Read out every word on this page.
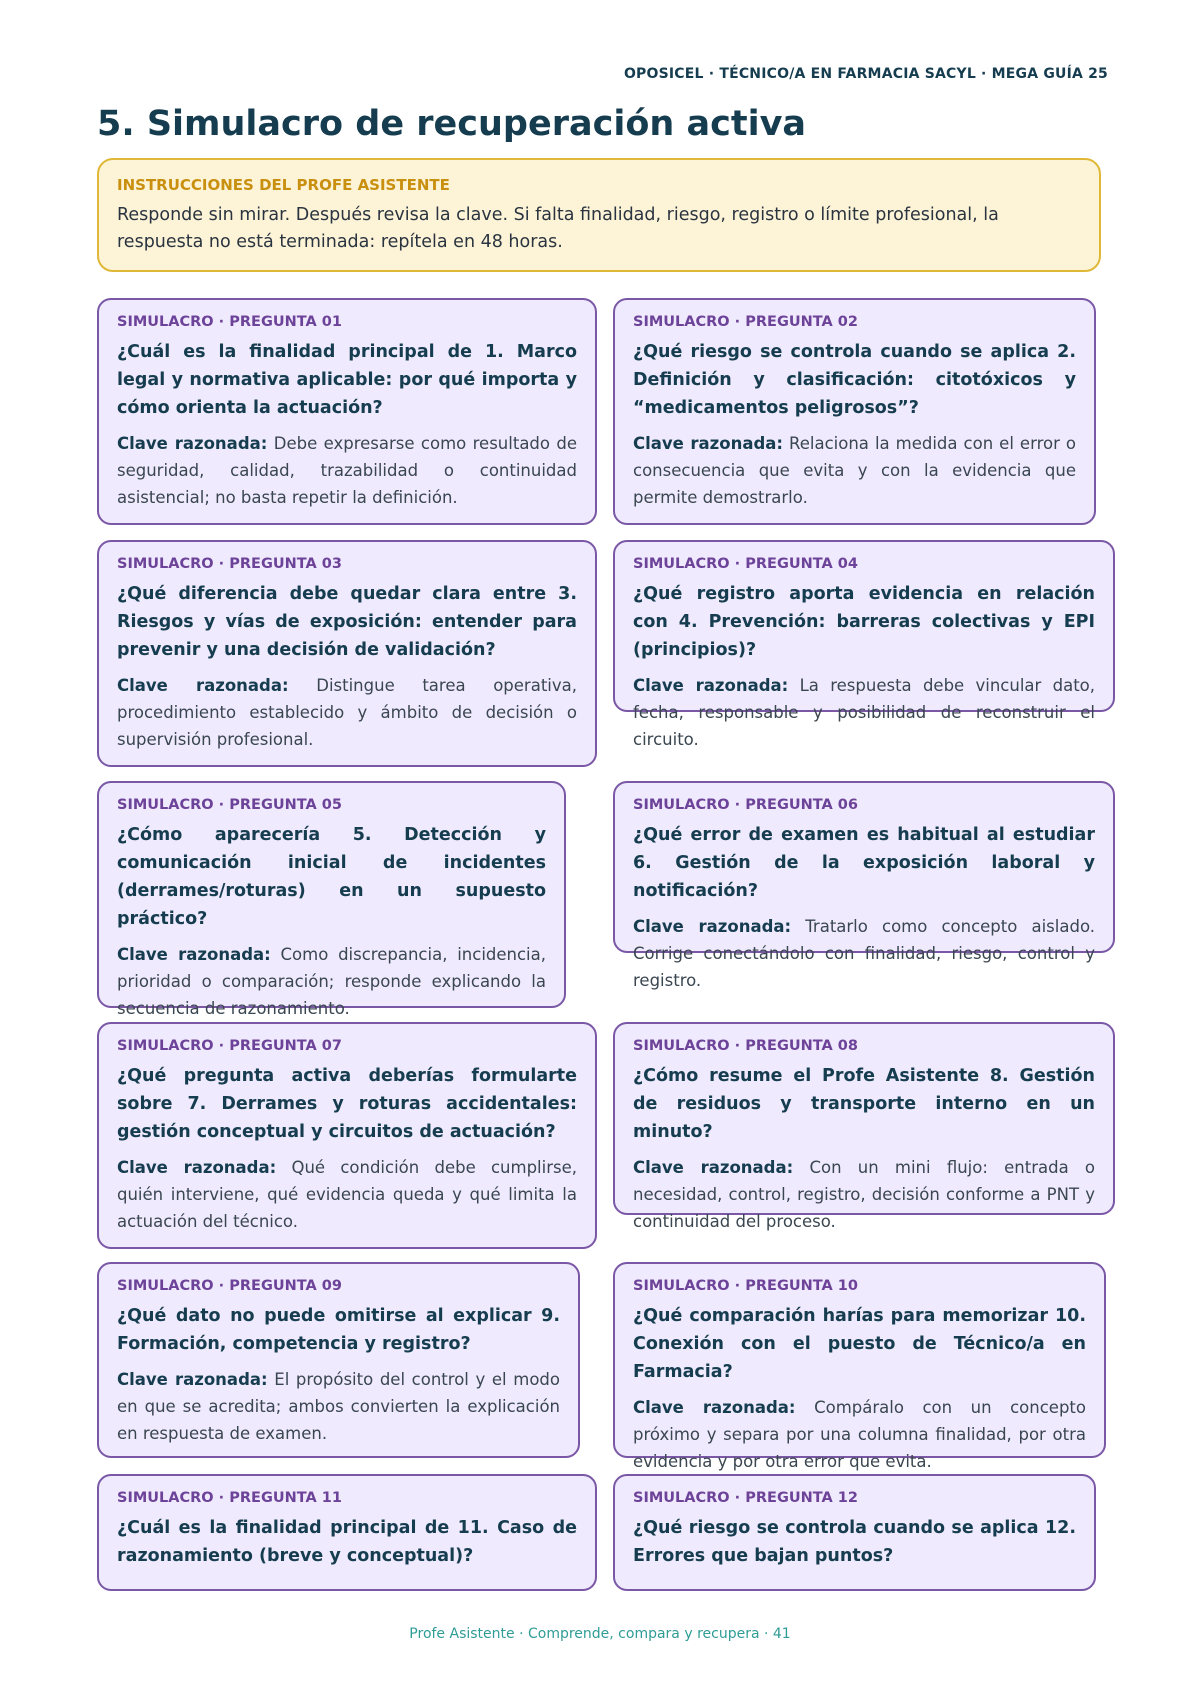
OPOSICEL · TÉCNICO/A EN FARMACIA SACYL · MEGA GUÍA 25
5. Simulacro de recuperación activa

INSTRUCCIONES DEL PROFE ASISTENTE

Responde sin mirar. Después revisa la clave. Si falta finalidad, riesgo, registro o límite profesional, la respuesta no está terminada: repítela en 48 horas.

SIMULACRO · PREGUNTA 01

¿Cuál es la finalidad principal de 1. Marco legal y normativa aplicable: por qué importa y cómo orienta la actuación?

Clave razonada: Debe expresarse como resultado de seguridad, calidad, trazabilidad o continuidad asistencial; no basta repetir la definición.

SIMULACRO · PREGUNTA 02

¿Qué riesgo se controla cuando se aplica 2. Definición y clasificación: citotóxicos y “medicamentos peligrosos”?

Clave razonada: Relaciona la medida con el error o consecuencia que evita y con la evidencia que permite demostrarlo.

SIMULACRO · PREGUNTA 03

¿Qué diferencia debe quedar clara entre 3. Riesgos y vías de exposición: entender para prevenir y una decisión de validación?

Clave razonada: Distingue tarea operativa, procedimiento establecido y ámbito de decisión o supervisión profesional.

SIMULACRO · PREGUNTA 04

¿Qué registro aporta evidencia en relación con 4. Prevención: barreras colectivas y EPI (principios)?

Clave razonada: La respuesta debe vincular dato, fecha, responsable y posibilidad de reconstruir el circuito.

SIMULACRO · PREGUNTA 05

¿Cómo aparecería 5. Detección y comunicación inicial de incidentes (derrames/roturas) en un supuesto práctico?

Clave razonada: Como discrepancia, incidencia, prioridad o comparación; responde explicando la secuencia de razonamiento.

SIMULACRO · PREGUNTA 06

¿Qué error de examen es habitual al estudiar 6. Gestión de la exposición laboral y notificación?

Clave razonada: Tratarlo como concepto aislado. Corrige conectándolo con finalidad, riesgo, control y registro.

SIMULACRO · PREGUNTA 07

¿Qué pregunta activa deberías formularte sobre 7. Derrames y roturas accidentales: gestión conceptual y circuitos de actuación?

Clave razonada: Qué condición debe cumplirse, quién interviene, qué evidencia queda y qué limita la actuación del técnico.

SIMULACRO · PREGUNTA 08

¿Cómo resume el Profe Asistente 8. Gestión de residuos y transporte interno en un minuto?

Clave razonada: Con un mini flujo: entrada o necesidad, control, registro, decisión conforme a PNT y continuidad del proceso.

SIMULACRO · PREGUNTA 09

¿Qué dato no puede omitirse al explicar 9. Formación, competencia y registro?

Clave razonada: El propósito del control y el modo en que se acredita; ambos convierten la explicación en respuesta de examen.

SIMULACRO · PREGUNTA 10

¿Qué comparación harías para memorizar 10. Conexión con el puesto de Técnico/a en Farmacia?

Clave razonada: Compáralo con un concepto próximo y separa por una columna finalidad, por otra evidencia y por otra error que evita.

SIMULACRO · PREGUNTA 11

¿Cuál es la finalidad principal de 11. Caso de razonamiento (breve y conceptual)?

SIMULACRO · PREGUNTA 12

¿Qué riesgo se controla cuando se aplica 12. Errores que bajan puntos?

Profe Asistente · Comprende, compara y recupera · 41
